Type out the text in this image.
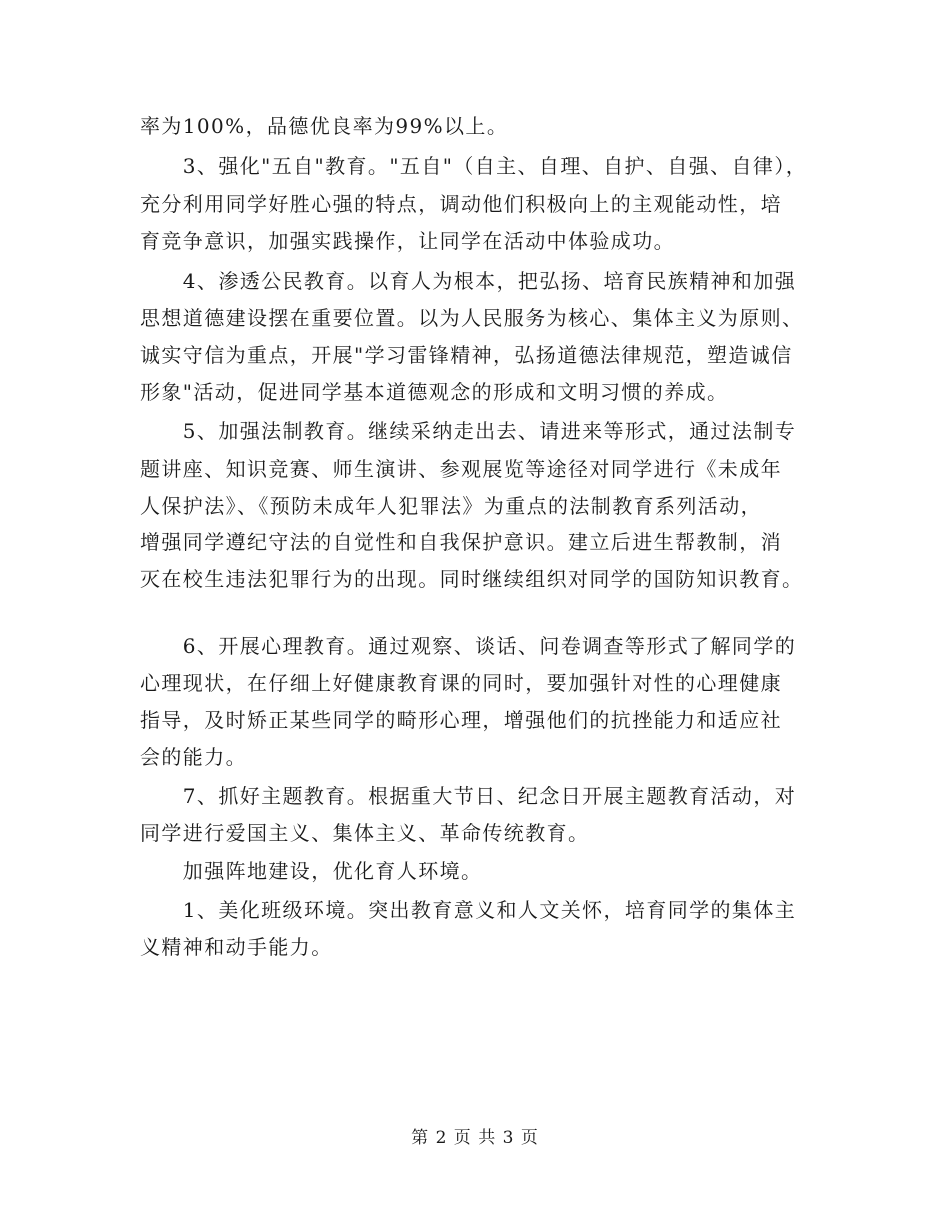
率为100%，品德优良率为99%以上。
　　3、强化"五自"教育。"五自"（自主、自理、自护、自强、自律），
充分利用同学好胜心强的特点，调动他们积极向上的主观能动性，培
育竞争意识，加强实践操作，让同学在活动中体验成功。
　　4、渗透公民教育。以育人为根本，把弘扬、培育民族精神和加强
思想道德建设摆在重要位置。以为人民服务为核心、集体主义为原则、
诚实守信为重点，开展"学习雷锋精神，弘扬道德法律规范，塑造诚信
形象"活动，促进同学基本道德观念的形成和文明习惯的养成。
　　5、加强法制教育。继续采纳走出去、请进来等形式，通过法制专
题讲座、知识竞赛、师生演讲、参观展览等途径对同学进行《未成年
人保护法》、《预防未成年人犯罪法》为重点的法制教育系列活动，
增强同学遵纪守法的自觉性和自我保护意识。建立后进生帮教制，消
灭在校生违法犯罪行为的出现。同时继续组织对同学的国防知识教育。
　　6、开展心理教育。通过观察、谈话、问卷调查等形式了解同学的
心理现状，在仔细上好健康教育课的同时，要加强针对性的心理健康
指导，及时矫正某些同学的畸形心理，增强他们的抗挫能力和适应社
会的能力。
　　7、抓好主题教育。根据重大节日、纪念日开展主题教育活动，对
同学进行爱国主义、集体主义、革命传统教育。
　　加强阵地建设，优化育人环境。
　　1、美化班级环境。突出教育意义和人文关怀，培育同学的集体主
义精神和动手能力。
第 2 页 共 3 页
